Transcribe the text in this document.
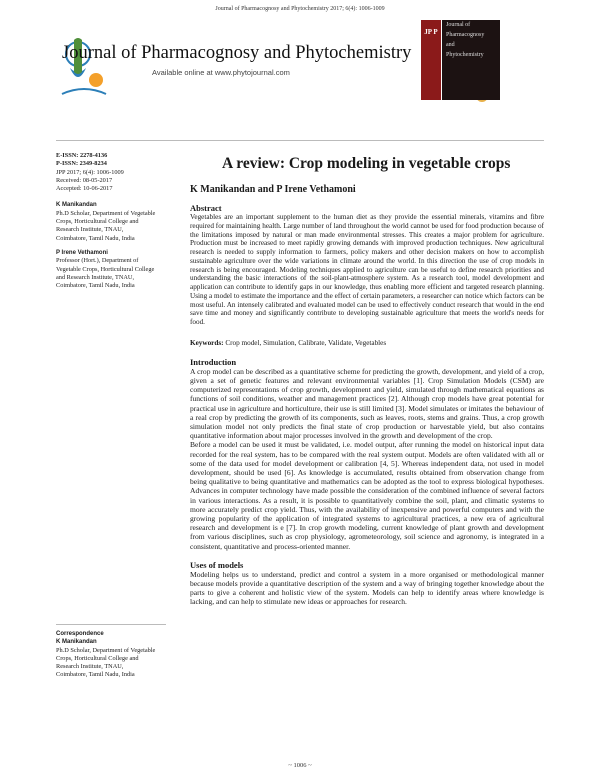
Journal of Pharmacognosy and Phytochemistry 2017; 6(4): 1006-1009
Journal of Pharmacognosy and Phytochemistry
Available online at www.phytojournal.com
JP P
Journal of
Pharmacognosy
and
Phytochemistry
E-ISSN: 2278-4136
P-ISSN: 2349-8234
JPP 2017; 6(4): 1006-1009
Received: 08-05-2017
Accepted: 10-06-2017
K Manikandan
Ph.D Scholar, Department of Vegetable Crops, Horticultural College and Research Institute, TNAU, Coimbatore, Tamil Nadu, India
P Irene Vethamoni
Professor (Hort.), Department of Vegetable Crops, Horticultural College and Research Institute, TNAU, Coimbatore, Tamil Nadu, India
Correspondence
K Manikandan
Ph.D Scholar, Department of Vegetable Crops, Horticultural College and Research Institute, TNAU, Coimbatore, Tamil Nadu, India
A review: Crop modeling in vegetable crops
K Manikandan and P Irene Vethamoni
Abstract
Vegetables are an important supplement to the human diet as they provide the essential minerals, vitamins and fibre required for maintaining health. Large number of land throughout the world cannot be used for food production because of the limitations imposed by natural or man made environmental stresses. This creates a major problem for agriculture. Production must be increased to meet rapidly growing demands with improved production techniques. New agricultural research is needed to supply information to farmers, policy makers and other decision makers on how to accomplish sustainable agriculture over the wide variations in climate around the world. In this direction the use of crop models in research is being encouraged. Modeling techniques applied to agriculture can be useful to define research priorities and understanding the basic interactions of the soil-plant-atmosphere system. As a research tool, model development and application can contribute to identify gaps in our knowledge, thus enabling more efficient and targeted research planning. Using a model to estimate the importance and the effect of certain parameters, a researcher can notice which factors can be most useful. An intensely calibrated and evaluated model can be used to effectively conduct research that would in the end save time and money and significantly contribute to developing sustainable agriculture that meets the world's needs for food.
Keywords: Crop model, Simulation, Calibrate, Validate, Vegetables
Introduction
A crop model can be described as a quantitative scheme for predicting the growth, development, and yield of a crop, given a set of genetic features and relevant environmental variables [1]. Crop Simulation Models (CSM) are computerized representations of crop growth, development and yield, simulated through mathematical equations as functions of soil conditions, weather and management practices [2]. Although crop models have great potential for practical use in agriculture and horticulture, their use is still limited [3]. Model simulates or imitates the behaviour of a real crop by predicting the growth of its components, such as leaves, roots, stems and grains. Thus, a crop growth simulation model not only predicts the final state of crop production or harvestable yield, but also contains quantitative information about major processes involved in the growth and development of the crop.
Before a model can be used it must be validated, i.e. model output, after running the model on historical input data recorded for the real system, has to be compared with the real system output. Models are often validated with all or some of the data used for model development or calibration [4, 5]. Whereas independent data, not used in model development, should be used [6]. As knowledge is accumulated, results obtained from observation change from being qualitative to being quantitative and mathematics can be adopted as the tool to express biological hypotheses. Advances in computer technology have made possible the consideration of the combined influence of several factors in various interactions. As a result, it is possible to quantitatively combine the soil, plant, and climatic systems to more accurately predict crop yield. Thus, with the availability of inexpensive and powerful computers and with the growing popularity of the application of integrated systems to agricultural practices, a new era of agricultural research and development is e [7]. In crop growth modeling, current knowledge of plant growth and development from various disciplines, such as crop physiology, agrometeorology, soil science and agronomy, is integrated in a consistent, quantitative and process-oriented manner.
Uses of models
Modeling helps us to understand, predict and control a system in a more organised or methodological manner because models provide a quantitative description of the system and a way of bringing together knowledge about the parts to give a coherent and holistic view of the system. Models can help to identify areas where knowledge is lacking, and can help to stimulate new ideas or approaches for research.
~ 1006 ~
